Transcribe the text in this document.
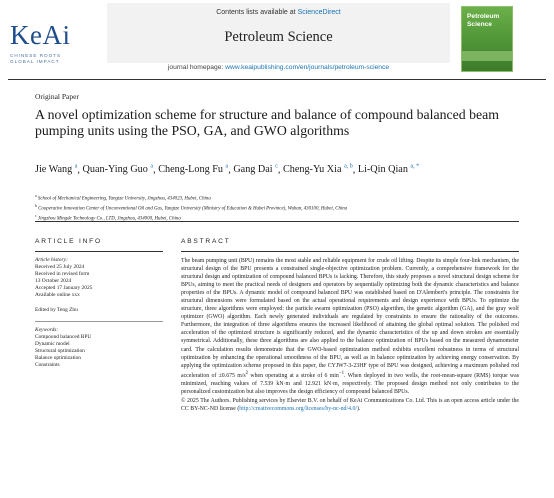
KeAi
CHINESE ROOTS
GLOBAL IMPACT
Contents lists available at ScienceDirect
Petroleum Science
journal homepage: www.keaipublishing.com/en/journals/petroleum-science
Petroleum
Science
Original Paper
A novel optimization scheme for structure and balance of compound balanced beam pumping units using the PSO, GA, and GWO algorithms
Jie Wang $^a$, Quan-Ying Guo $^a$, Cheng-Long Fu $^a$, Gang Dai $^c$, Cheng-Yu Xia $^{a, b}$, Li-Qin Qian $^{a, *}$
$^a$ School of Mechanical Engineering, Yangtze University, Jingzhou, 434023, Hubei, China
$^b$ Cooperative Innovation Center of Unconventional Oil and Gas, Yangtze University (Ministry of Education & Hubei Province), Wuhan, 430100, Hubei, China
$^c$ Jingzhou Mingde Technology Co., LTD, Jingzhou, 434000, Hubei, China
ARTICLE INFO
Article history:
Received 25 July 2024
Received in revised form
13 October 2024
Accepted 17 January 2025
Available online xxx
Edited by Teng Zhu
Keywords:
Compound balanced BPU
Dynamic model
Structural optimization
Balance optimization
Constraints
ABSTRACT

The beam pumping unit (BPU) remains the most stable and reliable equipment for crude oil lifting. Despite its simple four-link mechanism, the structural design of the BPU presents a constrained single-objective optimization problem. Currently, a comprehensive framework for the structural design and optimization of compound balanced BPUs is lacking. Therefore, this study proposes a novel structural design scheme for BPUs, aiming to meet the practical needs of designers and operators by sequentially optimizing both the dynamic characteristics and balance properties of the BPUs. A dynamic model of compound balanced BPU was established based on D'Alembert's principle. The constraints for structural dimensions were formulated based on the actual operational requirements and design experience with BPUs. To optimize the structure, three algorithms were employed: the particle swarm optimization (PSO) algorithm, the genetic algorithm (GA), and the gray wolf optimizer (GWO) algorithm. Each newly generated individuals are regulated by constraints to ensure the rationality of the outcomes. Furthermore, the integration of three algorithms ensures the increased likelihood of attaining the global optimal solution. The polished rod acceleration of the optimized structure is significantly reduced, and the dynamic characteristics of the up and down strokes are essentially symmetrical. Additionally, these three algorithms are also applied to the balance optimization of BPUs based on the measured dynamometer card. The calculation results demonstrate that the GWO-based optimization method exhibits excellent robustness in terms of structural optimization by enhancing the operational smoothness of the BPU, as well as in balance optimization by achieving energy conservation. By applying the optimization scheme proposed in this paper, the CYJW7-3-23HF type of BPU was designed, achieving a maximum polished rod acceleration of ±0.675 $m/s^2$ when operating at a stroke of 6 $\min^{-1}$. When deployed in two wells, the root-mean-square (RMS) torque was minimized, reaching values of 7.539 kN·m and 12.921 kN·m, respectively. The proposed design method not only contributes to the personalized customization but also improves the design efficiency of compound balanced BPUs.

© 2025 The Authors. Publishing services by Elsevier B.V. on behalf of KeAi Communications Co. Ltd. This is an open access article under the CC BY-NC-ND license (http://creativecommons.org/licenses/by-nc-nd/4.0/).
